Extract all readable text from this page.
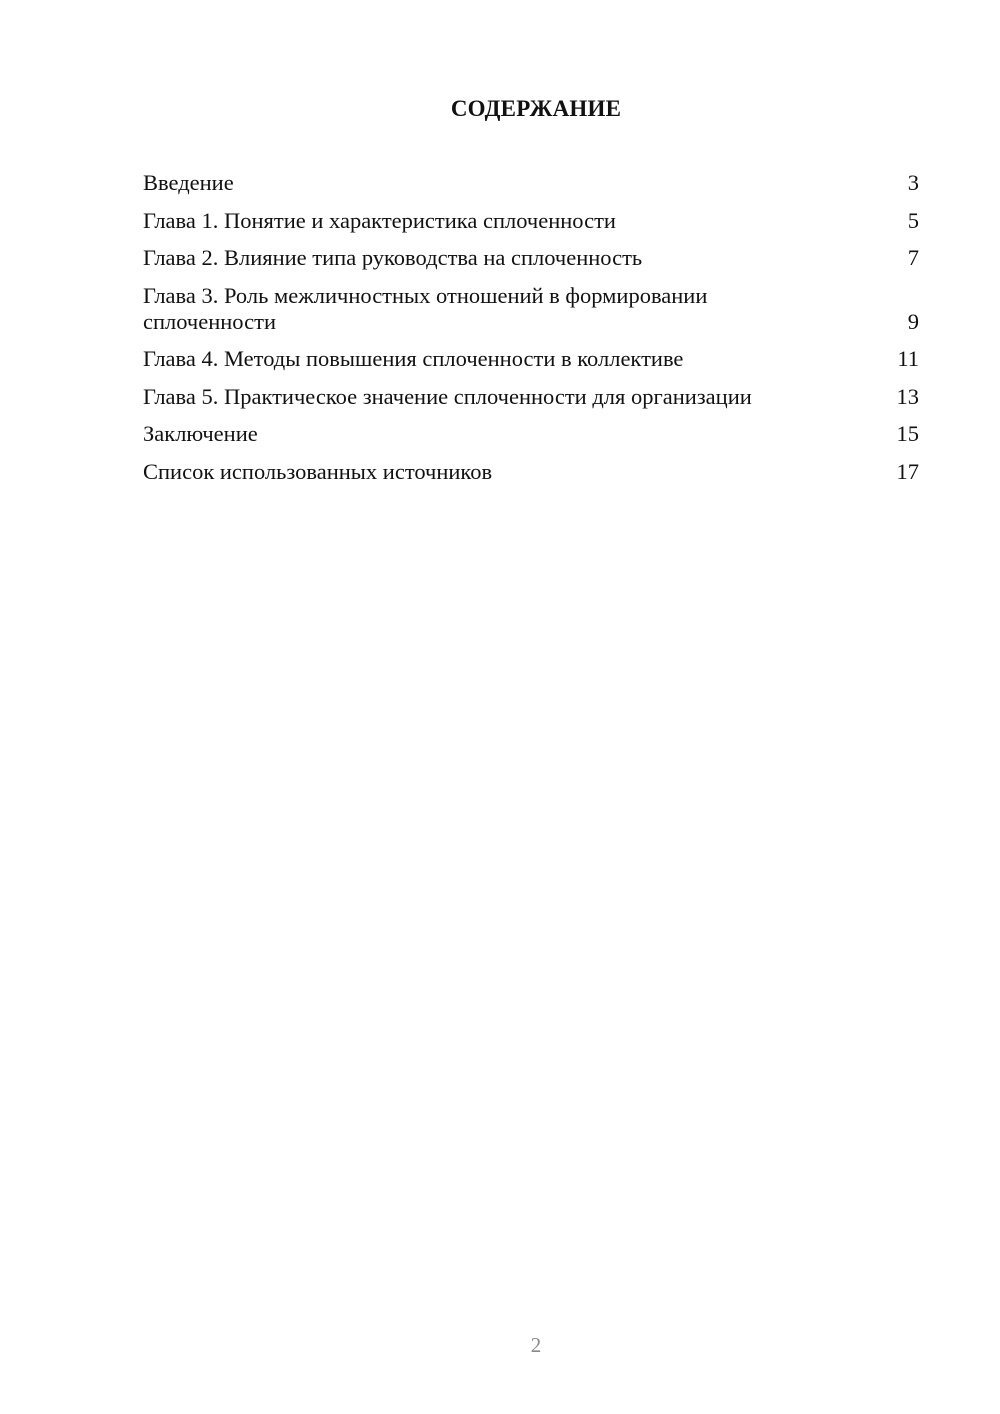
СОДЕРЖАНИЕ
Введение	3
Глава 1. Понятие и характеристика сплоченности	5
Глава 2. Влияние типа руководства на сплоченность	7
Глава 3. Роль межличностных отношений в формировании сплоченности	9
Глава 4. Методы повышения сплоченности в коллективе	11
Глава 5. Практическое значение сплоченности для организации	13
Заключение	15
Список использованных источников	17
2
